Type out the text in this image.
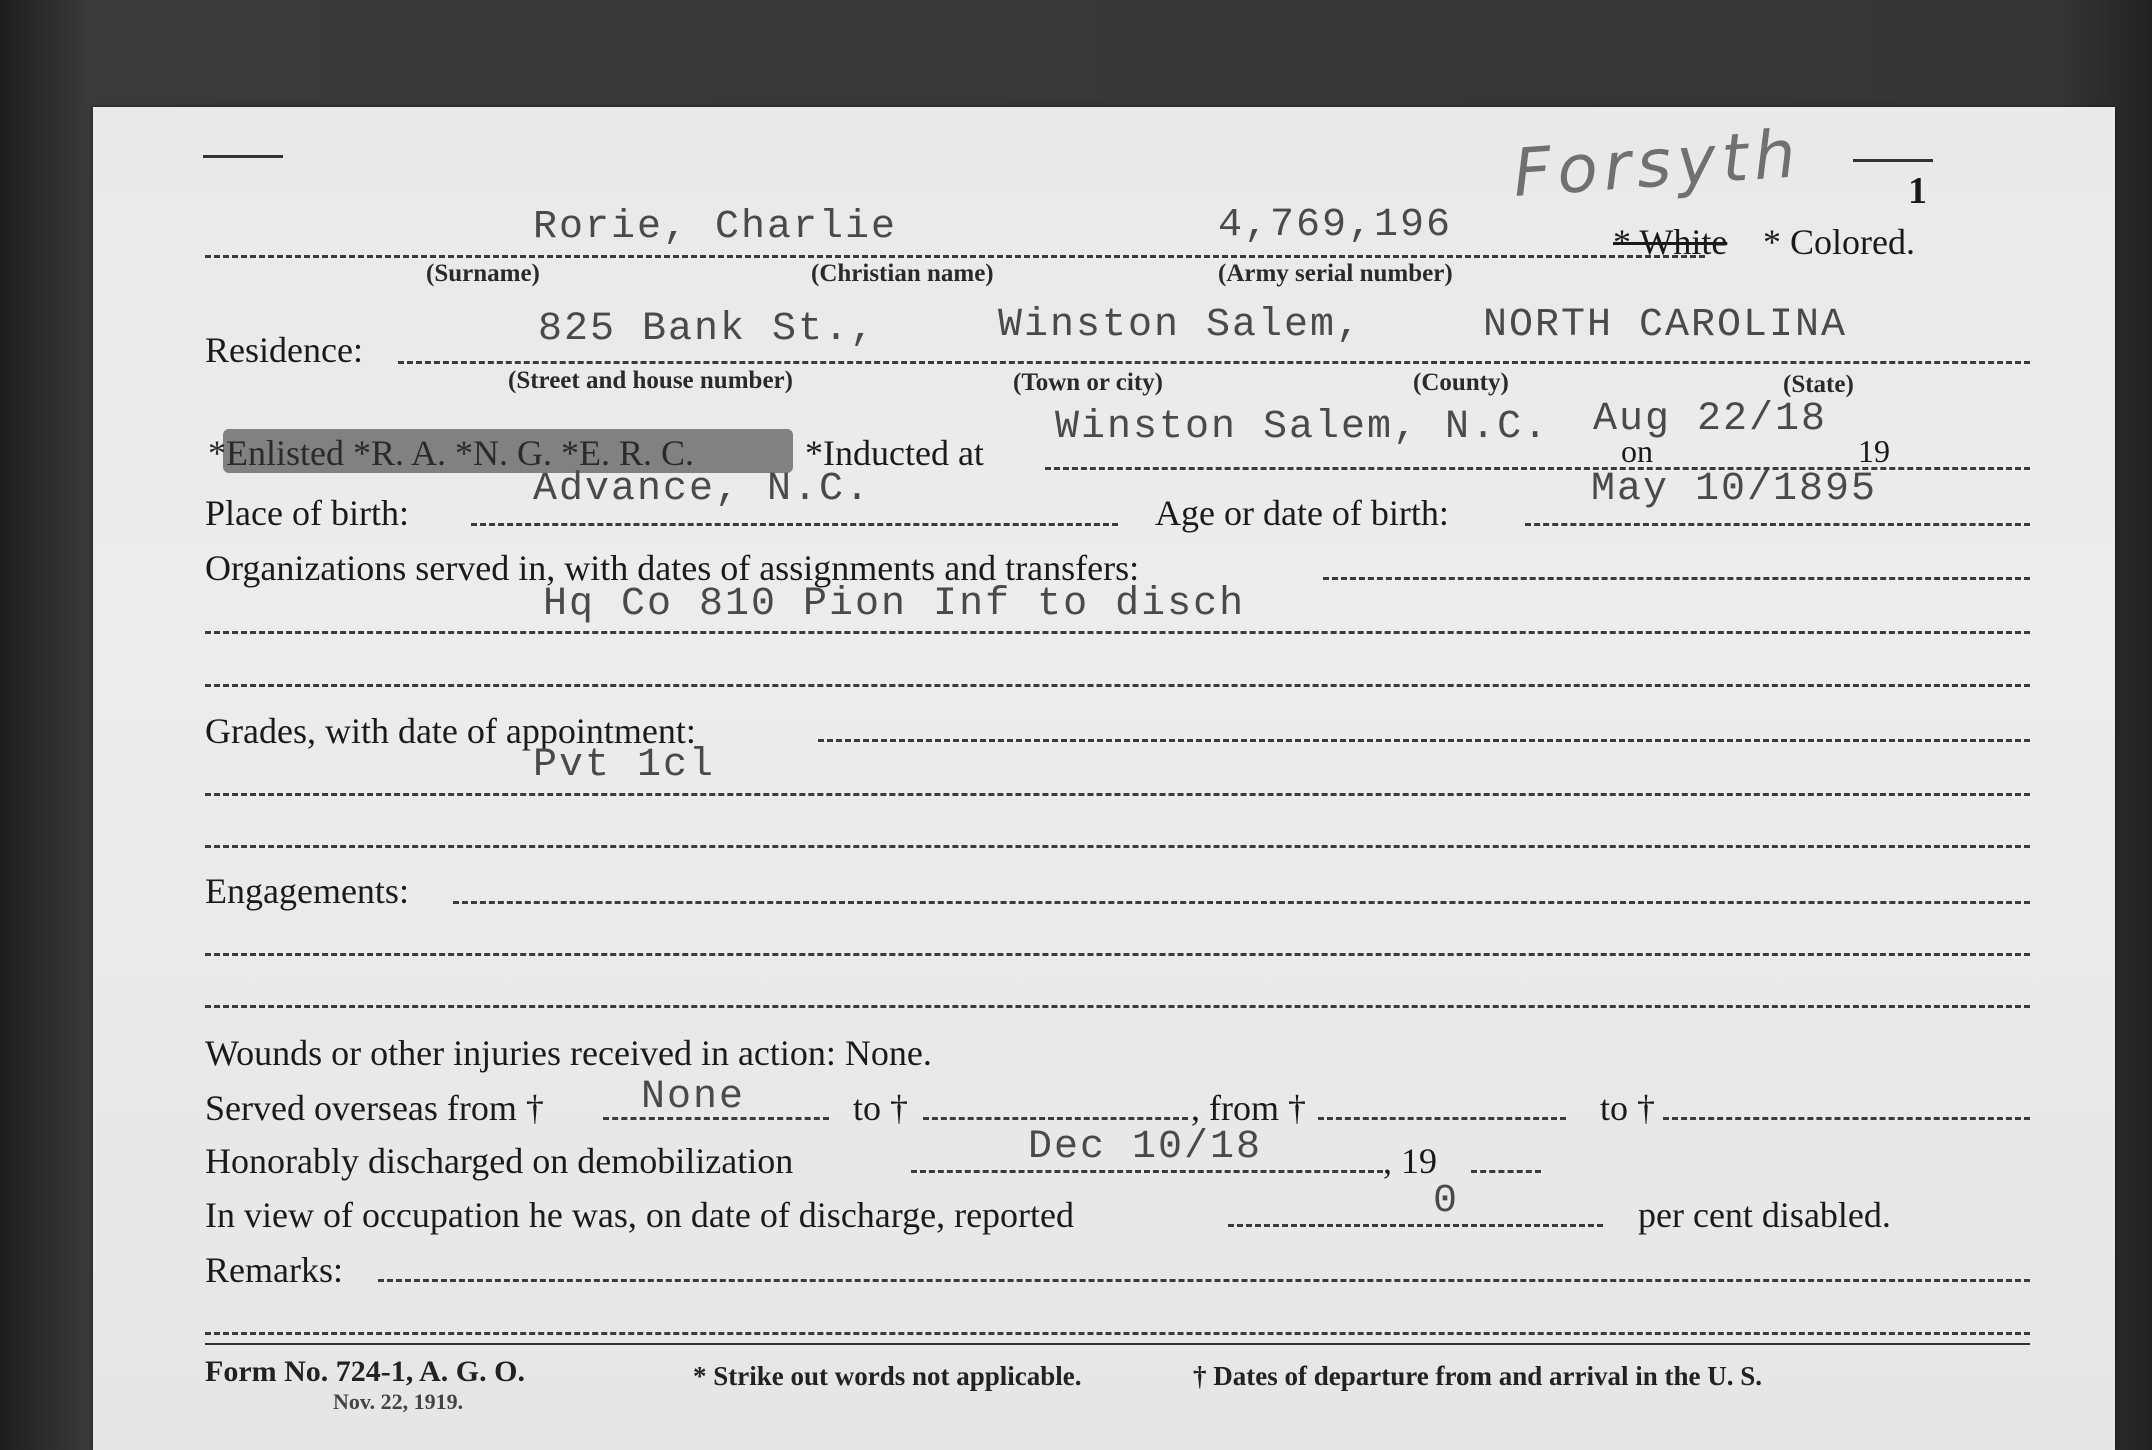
Forsyth	1
Rorie, Charlie	4,769,196	* White * Colored.
(Surname)	(Christian name)	(Army serial number)
Residence:	825 Bank St.,	Winston Salem,	NORTH CAROLINA
(Street and house number)	(Town or city)	(County)	(State)
*Enlisted *R. A. *N. G. *E. R. C.	*Inducted at
Winston Salem, N.C. Aug 22/18
on	19
Place of birth:
Advance, N.C.
Age or date of birth:
May 10/1895
Organizations served in, with dates of assignments and transfers:
Hq Co 810 Pion Inf to disch
Grades, with date of appointment:
Pvt 1cl
Engagements:
Wounds or other injuries received in action: None.
Served overseas from † None	to †	, from †	to †
Honorably discharged on demobilization	Dec 10/18	, 19
In view of occupation he was, on date of discharge, reported	0	per cent disabled.
Remarks:
Form No. 724-1, A. G. O.
Nov. 22, 1919.
* Strike out words not applicable.	† Dates of departure from and arrival in the U. S.
